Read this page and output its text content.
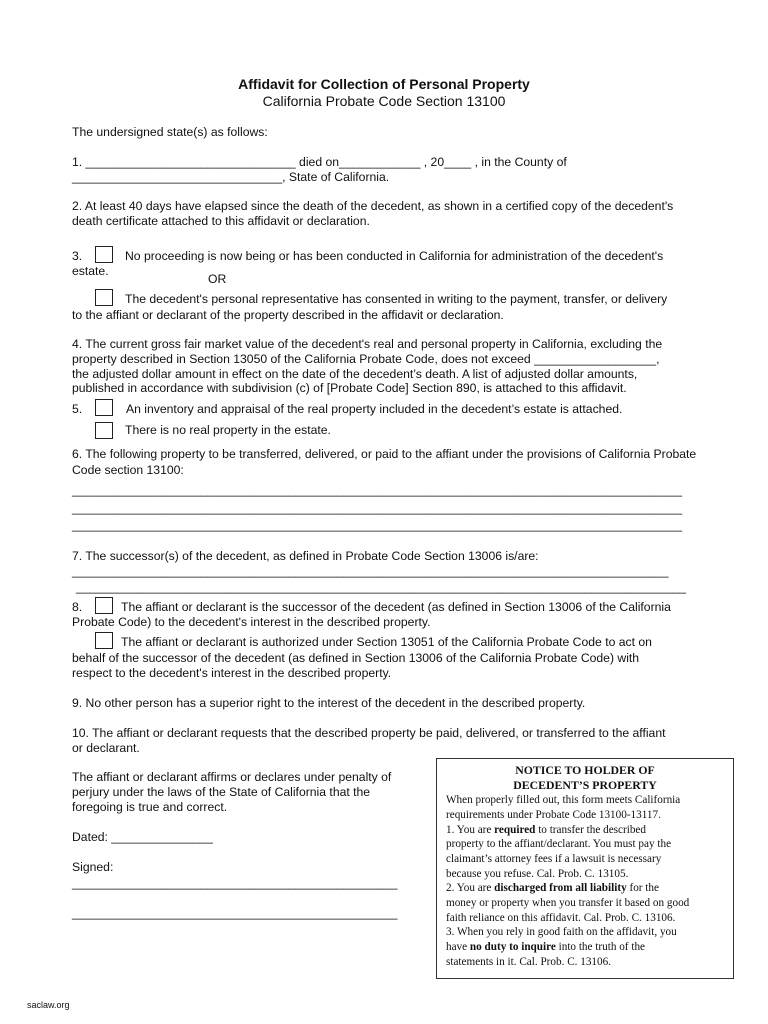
Affidavit for Collection of Personal Property
California Probate Code Section 13100
The undersigned state(s) as follows:
1. _______________________________ died on____________ , 20____ , in the County of
_______________________________, State of California.
2. At least 40 days have elapsed since the death of the decedent, as shown in a certified copy of the decedent's
death certificate attached to this affidavit or declaration.
3.	No proceeding is now being or has been conducted in California for administration of the decedent's
estate.
OR
The decedent's personal representative has consented in writing to the payment, transfer, or delivery
to the affiant or declarant of the property described in the affidavit or declaration.
4. The current gross fair market value of the decedent's real and personal property in California, excluding the
property described in Section 13050 of the California Probate Code, does not exceed __________________,
the adjusted dollar amount in effect on the date of the decedent’s death. A list of adjusted dollar amounts,
published in accordance with subdivision (c) of [Probate Code] Section 890, is attached to this affidavit.
5.	An inventory and appraisal of the real property included in the decedent’s estate is attached.
There is no real property in the estate.
6. The following property to be transferred, delivered, or paid to the affiant under the provisions of California Probate
Code section 13100:
__________________________________________________________________________________________
__________________________________________________________________________________________
__________________________________________________________________________________________
7. The successor(s) of the decedent, as defined in Probate Code Section 13006 is/are:
________________________________________________________________________________________
__________________________________________________________________________________________
8.	The affiant or declarant is the successor of the decedent (as defined in Section 13006 of the California
Probate Code) to the decedent's interest in the described property.
The affiant or declarant is authorized under Section 13051 of the California Probate Code to act on
behalf of the successor of the decedent (as defined in Section 13006 of the California Probate Code) with
respect to the decedent's interest in the described property.
9. No other person has a superior right to the interest of the decedent in the described property.
10. The affiant or declarant requests that the described property be paid, delivered, or transferred to the affiant
or declarant.
The affiant or declarant affirms or declares under penalty of
perjury under the laws of the State of California that the
foregoing is true and correct.
Dated: _______________
Signed:
________________________________________________
________________________________________________
NOTICE TO HOLDER OF
DECEDENT’S PROPERTY
When properly filled out, this form meets California
requirements under Probate Code 13100-13117.
1. You are required to transfer the described
property to the affiant/declarant. You must pay the
claimant’s attorney fees if a lawsuit is necessary
because you refuse. Cal. Prob. C. 13105.
2. You are discharged from all liability for the
money or property when you transfer it based on good
faith reliance on this affidavit. Cal. Prob. C. 13106.
3. When you rely in good faith on the affidavit, you
have no duty to inquire into the truth of the
statements in it. Cal. Prob. C. 13106.
saclaw.org
